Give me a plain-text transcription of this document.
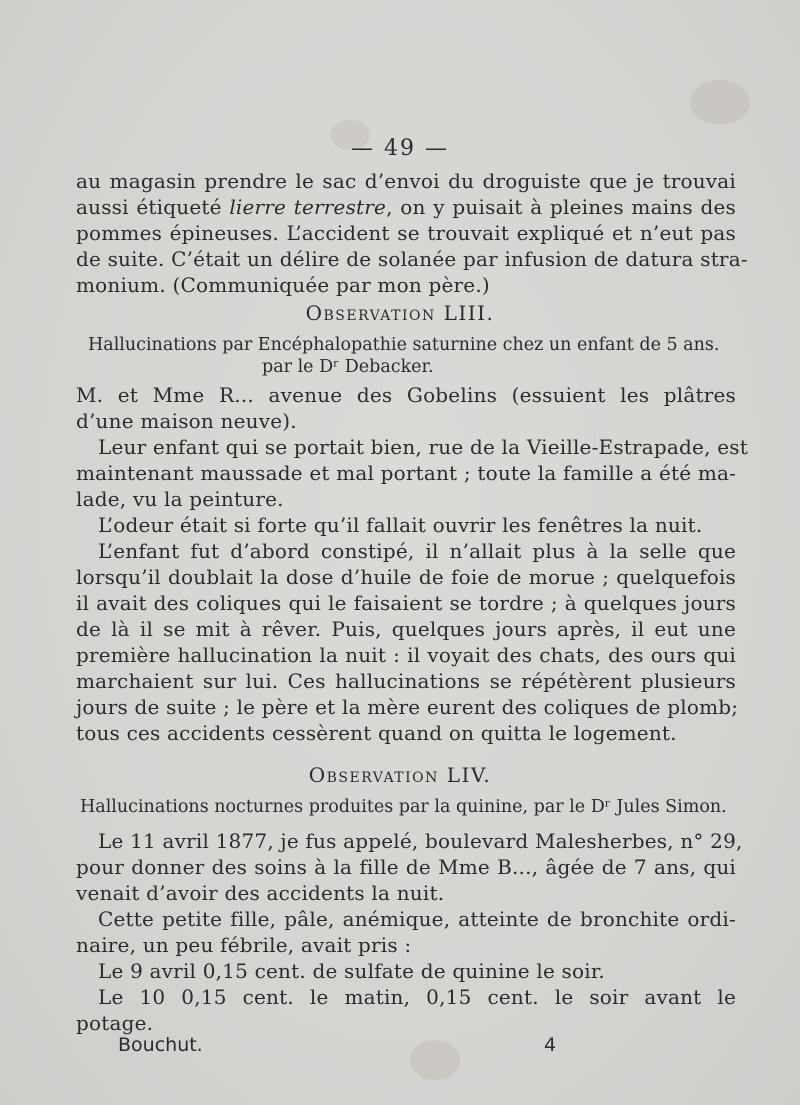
— 49 —
au magasin prendre le sac d’envoi du droguiste que je trouvai
aussi étiqueté lierre terrestre, on y puisait à pleines mains des
pommes épineuses. L’accident se trouvait expliqué et n’eut pas
de suite. C’était un délire de solanée par infusion de datura stra-
monium. (Communiquée par mon père.)
Observation LIII.
Hallucinations par Encéphalopathie saturnine chez un enfant de 5 ans.
par le Dʳ Debacker.
M. et Mme R... avenue des Gobelins (essuient les plâtres
d’une maison neuve).
Leur enfant qui se portait bien, rue de la Vieille-Estrapade, est
maintenant maussade et mal portant ; toute la famille a été ma-
lade, vu la peinture.
L’odeur était si forte qu’il fallait ouvrir les fenêtres la nuit.
L’enfant fut d’abord constipé, il n’allait plus à la selle que
lorsqu’il doublait la dose d’huile de foie de morue ; quelquefois
il avait des coliques qui le faisaient se tordre ; à quelques jours
de là il se mit à rêver. Puis, quelques jours après, il eut une
première hallucination la nuit : il voyait des chats, des ours qui
marchaient sur lui. Ces hallucinations se répétèrent plusieurs
jours de suite ; le père et la mère eurent des coliques de plomb;
tous ces accidents cessèrent quand on quitta le logement.
Observation LIV.
Hallucinations nocturnes produites par la quinine, par le Dʳ Jules Simon.
Le 11 avril 1877, je fus appelé, boulevard Malesherbes, n° 29,
pour donner des soins à la fille de Mme B..., âgée de 7 ans, qui
venait d’avoir des accidents la nuit.
Cette petite fille, pâle, anémique, atteinte de bronchite ordi-
naire, un peu fébrile, avait pris :
Le 9 avril 0,15 cent. de sulfate de quinine le soir.
Le 10 0,15 cent. le matin, 0,15 cent. le soir avant le
potage.
Bouchut.	4
